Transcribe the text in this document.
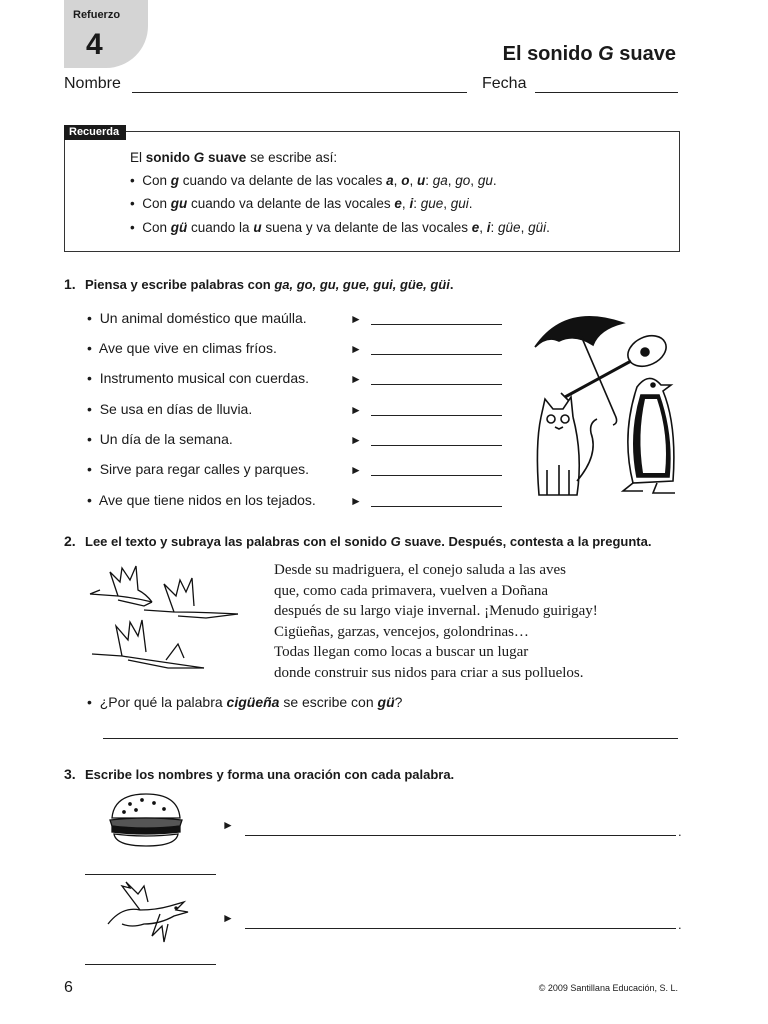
Refuerzo
4	El sonido G suave
Nombre	Fecha
Recuerda
El sonido G suave se escribe así:
•  Con g cuando va delante de las vocales a, o, u: ga, go, gu.
•  Con gu cuando va delante de las vocales e, i: gue, gui.
•  Con gü cuando la u suena y va delante de las vocales e, i: güe, güi.
1. Piensa y escribe palabras con ga, go, gu, gue, gui, güe, güi.
•  Un animal doméstico que maúlla.
•  Ave que vive en climas fríos.
•  Instrumento musical con cuerdas.
•  Se usa en días de lluvia.
•  Un día de la semana.
•  Sirve para regar calles y parques.
•  Ave que tiene nidos en los tejados.
►
►
►
►
►
►
►
2. Lee el texto y subraya las palabras con el sonido G suave. Después, contesta a la pregunta.
Desde su madriguera, el conejo saluda a las aves
que, como cada primavera, vuelven a Doñana
después de su largo viaje invernal. ¡Menudo guirigay!
Cigüeñas, garzas, vencejos, golondrinas…
Todas llegan como locas a buscar un lugar
donde construir sus nidos para criar a sus polluelos.
•  ¿Por qué la palabra cigüeña se escribe con gü?
3. Escribe los nombres y forma una oración con cada palabra.
►	.
►	.
6	© 2009 Santillana Educación, S. L.
